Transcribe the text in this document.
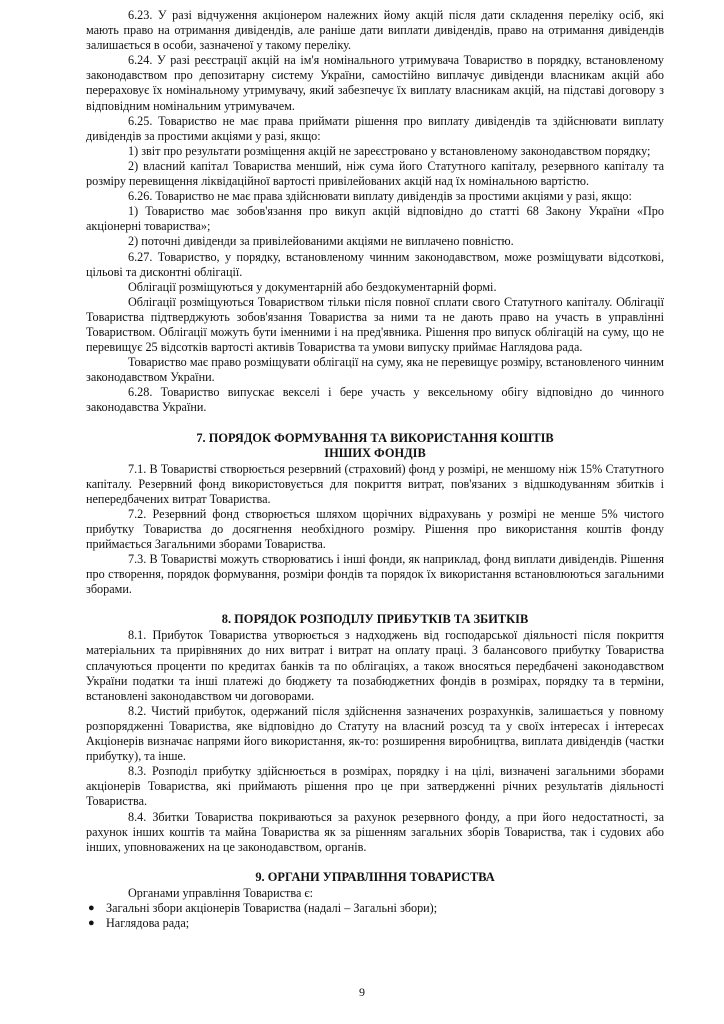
6.23. У разі відчуження акціонером належних йому акцій після дати складення переліку осіб, які мають право на отримання дивідендів, але раніше дати виплати дивідендів, право на отримання дивідендів залишається в особи, зазначеної у такому переліку.

6.24. У разі реєстрації акцій на ім'я номінального утримувача Товариство в порядку, встановленому законодавством про депозитарну систему України, самостійно виплачує дивіденди власникам акцій або перераховує їх номінальному утримувачу, який забезпечує їх виплату власникам акцій, на підставі договору з відповідним номінальним утримувачем.

6.25. Товариство не має права приймати рішення про виплату дивідендів та здійснювати виплату дивідендів за простими акціями у разі, якщо:

1) звіт про результати розміщення акцій не зареєстровано у встановленому законодавством порядку;

2) власний капітал Товариства менший, ніж сума його Статутного капіталу, резервного капіталу та розміру перевищення ліквідаційної вартості привілейованих акцій над їх номінальною вартістю.

6.26. Товариство не має права здійснювати виплату дивідендів за простими акціями у разі, якщо:

1) Товариство має зобов'язання про викуп акцій відповідно до статті 68 Закону України «Про акціонерні товариства»;

2) поточні дивіденди за привілейованими акціями не виплачено повністю.

6.27. Товариство, у порядку, встановленому чинним законодавством, може розміщувати відсоткові, цільові та дисконтні облігації.

Облігації розміщуються у документарній або бездокументарній формі.

Облігації розміщуються Товариством тільки після повної сплати свого Статутного капіталу. Облігації Товариства підтверджують зобов'язання Товариства за ними та не дають право на участь в управлінні Товариством. Облігації можуть бути іменними і на пред'явника. Рішення про випуск облігацій на суму, що не перевищує 25 відсотків вартості активів Товариства та умови випуску приймає Наглядова рада.

Товариство має право розміщувати облігації на суму, яка не перевищує розміру, встановленого чинним законодавством України.

6.28. Товариство випускає векселі і бере участь у вексельному обігу відповідно до чинного законодавства України.

7. ПОРЯДОК ФОРМУВАННЯ ТА ВИКОРИСТАННЯ КОШТІВ
ІНШИХ ФОНДІВ

7.1. В Товаристві створюється резервний (страховий) фонд у розмірі, не меншому ніж 15% Статутного капіталу. Резервний фонд використовується для покриття витрат, пов'язаних з відшкодуванням збитків і непередбачених витрат Товариства.

7.2. Резервний фонд створюється шляхом щорічних відрахувань у розмірі не менше 5% чистого прибутку Товариства до досягнення необхідного розміру. Рішення про використання коштів фонду приймається Загальними зборами Товариства.

7.3. В Товаристві можуть створюватись і інші фонди, як наприклад, фонд виплати дивідендів. Рішення про створення, порядок формування, розміри фондів та порядок їх використання встановлюються загальними зборами.

8. ПОРЯДОК РОЗПОДІЛУ ПРИБУТКІВ ТА ЗБИТКІВ

8.1. Прибуток Товариства утворюється з надходжень від господарської діяльності після покриття матеріальних та прирівняних до них витрат і витрат на оплату праці. З балансового прибутку Товариства сплачуються проценти по кредитах банків та по облігаціях, а також вносяться передбачені законодавством України податки та інші платежі до бюджету та позабюджетних фондів в розмірах, порядку та в терміни, встановлені законодавством чи договорами.

8.2. Чистий прибуток, одержаний після здійснення зазначених розрахунків, залишається у повному розпорядженні Товариства, яке відповідно до Статуту на власний розсуд та у своїх інтересах і інтересах Акціонерів визначає напрями його використання, як-то: розширення виробництва, виплата дивідендів (частки прибутку), та інше.

8.3. Розподіл прибутку здійснюється в розмірах, порядку і на цілі, визначені загальними зборами акціонерів Товариства, які приймають рішення про це при затвердженні річних результатів діяльності Товариства.

8.4. Збитки Товариства покриваються за рахунок резервного фонду, а при його недостатності, за рахунок інших коштів та майна Товариства як за рішенням загальних зборів Товариства, так і судових або інших, уповноважених на це законодавством, органів.

9. ОРГАНИ УПРАВЛІННЯ ТОВАРИСТВА

Органами управління Товариства є:

● Загальні збори акціонерів Товариства (надалі – Загальні збори);
● Наглядова рада;
9
